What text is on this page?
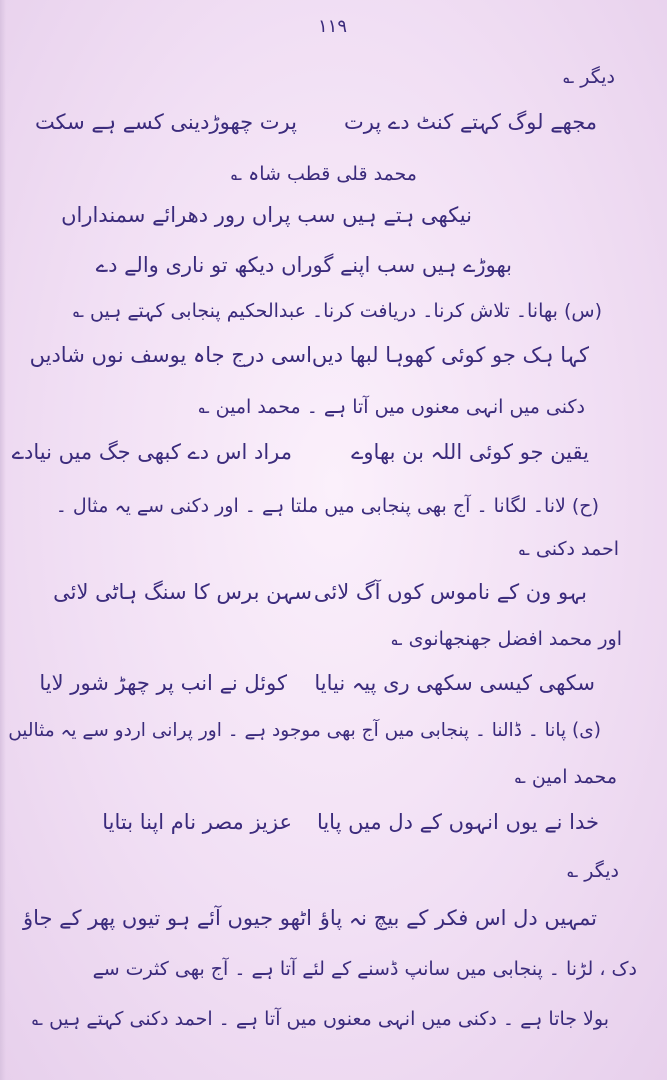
۱۱۹
دیگر ؎
مجھے لوگ کہتے کنٹ دے پرت
پرت چھوڑدینی کسے ہے سکت
محمد قلی قطب شاہ ؎
نیکھی ہتے ہیں سب پراں رور دھرائے سمنداراں
بھوڑے ہیں سب اپنے گوراں دیکھ تو ناری والے دے
(س) بھانا۔ تلاش کرنا۔ دریافت کرنا۔ عبدالحکیم پنجابی کہتے ہیں ؎
کہا ہک جو کوئی کھوہا لبھا دیں
اسی درج جاہ یوسف نوں شادیں
دکنی میں انہی معنوں میں آتا ہے ۔ محمد امین ؎
یقین جو کوئی اللہ بن بھاوے
مراد اس دے کبھی جگ میں نیادے
(ح) لانا۔ لگانا ۔ آج بھی پنجابی میں ملتا ہے ۔ اور دکنی سے یہ مثال ۔
احمد دکنی ؎
بہو ون کے ناموس کوں آگ لائی
سہن برس کا سنگ ہاٹی لائی
اور محمد افضل جھنجھانوی ؎
سکھی کیسی سکھی ری پیہ نیایا
کوئل نے انب پر چھڑ شور لایا
(ی) پانا ۔ ڈالنا ۔ پنجابی میں آج بھی موجود ہے ۔ اور پرانی اردو سے یہ مثالیں
محمد امین ؎
خدا نے یوں انہوں کے دل میں پایا
عزیز مصر نام اپنا بتایا
دیگر ؎
تمہیں دل اس فکر کے بیچ نہ پاؤ
اٹھو جیوں آئے ہو تیوں پھر کے جاؤ
دک ، لڑنا ۔ پنجابی میں سانپ ڈسنے کے لئے آتا ہے ۔ آج بھی کثرت سے
بولا جاتا ہے ۔ دکنی میں انہی معنوں میں آتا ہے ۔ احمد دکنی کہتے ہیں ؎
